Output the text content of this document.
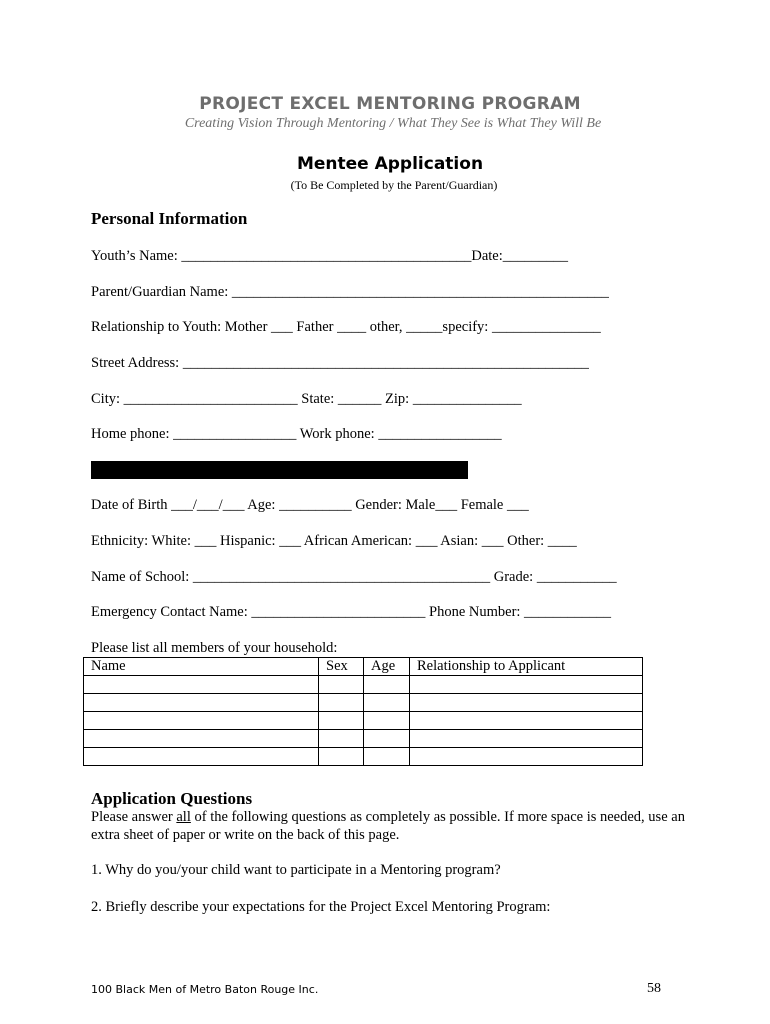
PROJECT EXCEL MENTORING PROGRAM
Creating Vision Through Mentoring / What They See is What They Will Be
Mentee Application
(To Be Completed by the Parent/Guardian)
Personal Information
Youth’s Name: ________________________________________Date:_________
Parent/Guardian Name: ____________________________________________________
Relationship to Youth: Mother ___ Father ____ other, _____specify: _______________
Street Address: ________________________________________________________
City: ________________________ State: ______ Zip: _______________
Home phone: _________________ Work phone: _________________
Date of Birth ___/___/___ Age: __________ Gender: Male___ Female ___
Ethnicity: White: ___ Hispanic: ___ African American: ___ Asian: ___ Other: ____
Name of School: _________________________________________ Grade: ___________
Emergency Contact Name: ________________________ Phone Number: ____________
Please list all members of your household:
Name	Sex	Age	Relationship to Applicant

Application Questions
Please answer all of the following questions as completely as possible. If more space is needed, use an extra sheet of paper or write on the back of this page.
1. Why do you/your child want to participate in a Mentoring program?
2. Briefly describe your expectations for the Project Excel Mentoring Program:
100 Black Men of Metro Baton Rouge Inc.	58
